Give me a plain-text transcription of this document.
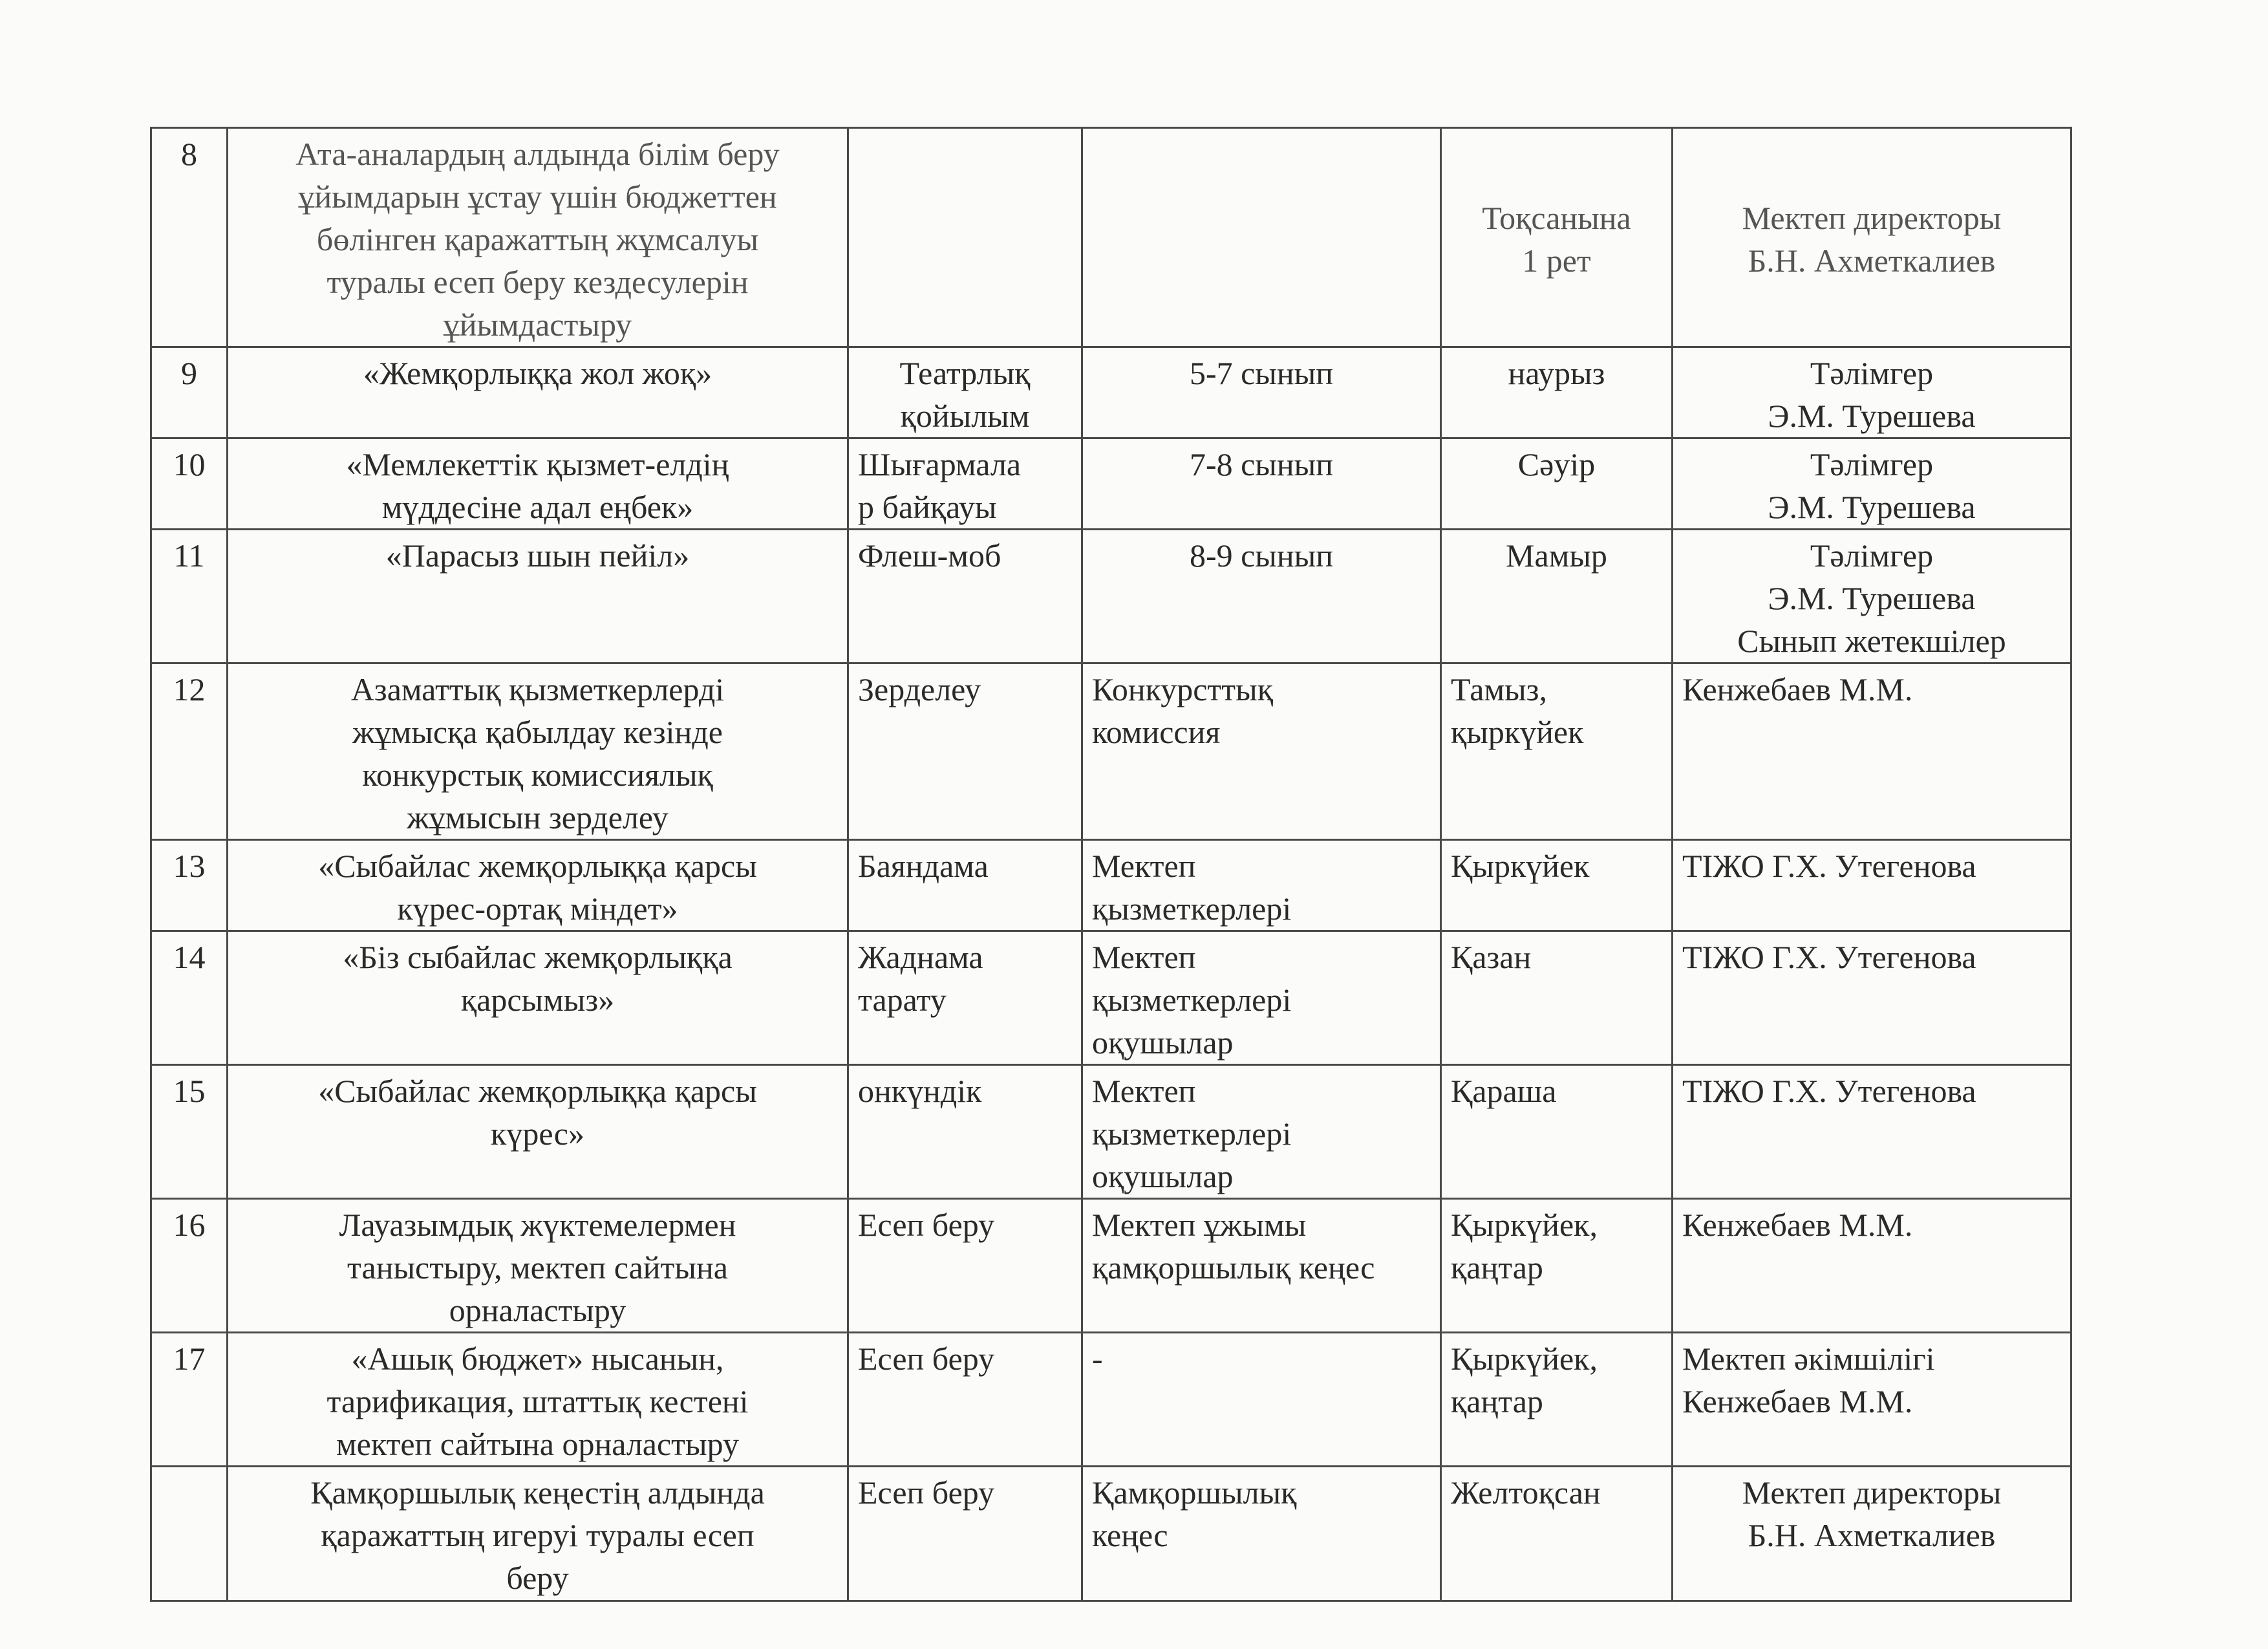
8	Ата-аналардың алдында білім беру
ұйымдарын ұстау үшін бюджеттен
бөлінген қаражаттың жұмсалуы
туралы есеп беру кездесулерін
ұйымдастыру			Тоқсанына
1 рет	Мектеп директоры
Б.Н. Ахметкалиев

9	«Жемқорлыққа жол жоқ»	Театрлық
қойылым	5-7 сынып	наурыз	Тәлімгер
Э.М. Турешева

10	«Мемлекеттік қызмет-елдің
мүддесіне адал еңбек»	Шығармала
р байқауы	7-8 сынып	Сәуір	Тәлімгер
Э.М. Турешева

11	«Парасыз шын пейіл»	Флеш-моб	8-9 сынып	Мамыр	Тәлімгер
Э.М. Турешева
Сынып жетекшілер

12	Азаматтық қызметкерлерді
жұмысқа қабылдау кезінде
конкурстық комиссиялық
жұмысын зерделеу	Зерделеу	Конкурсттық
комиссия	Тамыз,
қыркүйек	Кенжебаев М.М.

13	«Сыбайлас жемқорлыққа қарсы
күрес-ортақ міндет»	Баяндама	Мектеп
қызметкерлері	Қыркүйек	ТІЖО Г.Х. Утегенова

14	«Біз сыбайлас жемқорлыққа
қарсымыз»	Жаднама
тарату	Мектеп
қызметкерлері
оқушылар	Қазан	ТІЖО Г.Х. Утегенова

15	«Сыбайлас жемқорлыққа қарсы
күрес»	онкүндік	Мектеп
қызметкерлері
оқушылар	Қараша	ТІЖО Г.Х. Утегенова

16	Лауазымдық жүктемелермен
таныстыру, мектеп сайтына
орналастыру	Есеп беру	Мектеп ұжымы
қамқоршылық кеңес	Қыркүйек,
қаңтар	Кенжебаев М.М.

17	«Ашық бюджет» нысанын,
тарификация, штаттық кестені
мектеп сайтына орналастыру	Есеп беру	-	Қыркүйек,
қаңтар	Мектеп әкімшілігі
Кенжебаев М.М.

	Қамқоршылық кеңестің алдында
қаражаттың игеруі туралы есеп
беру	Есеп беру	Қамқоршылық
кеңес	Желтоқсан	Мектеп директоры
Б.Н. Ахметкалиев
